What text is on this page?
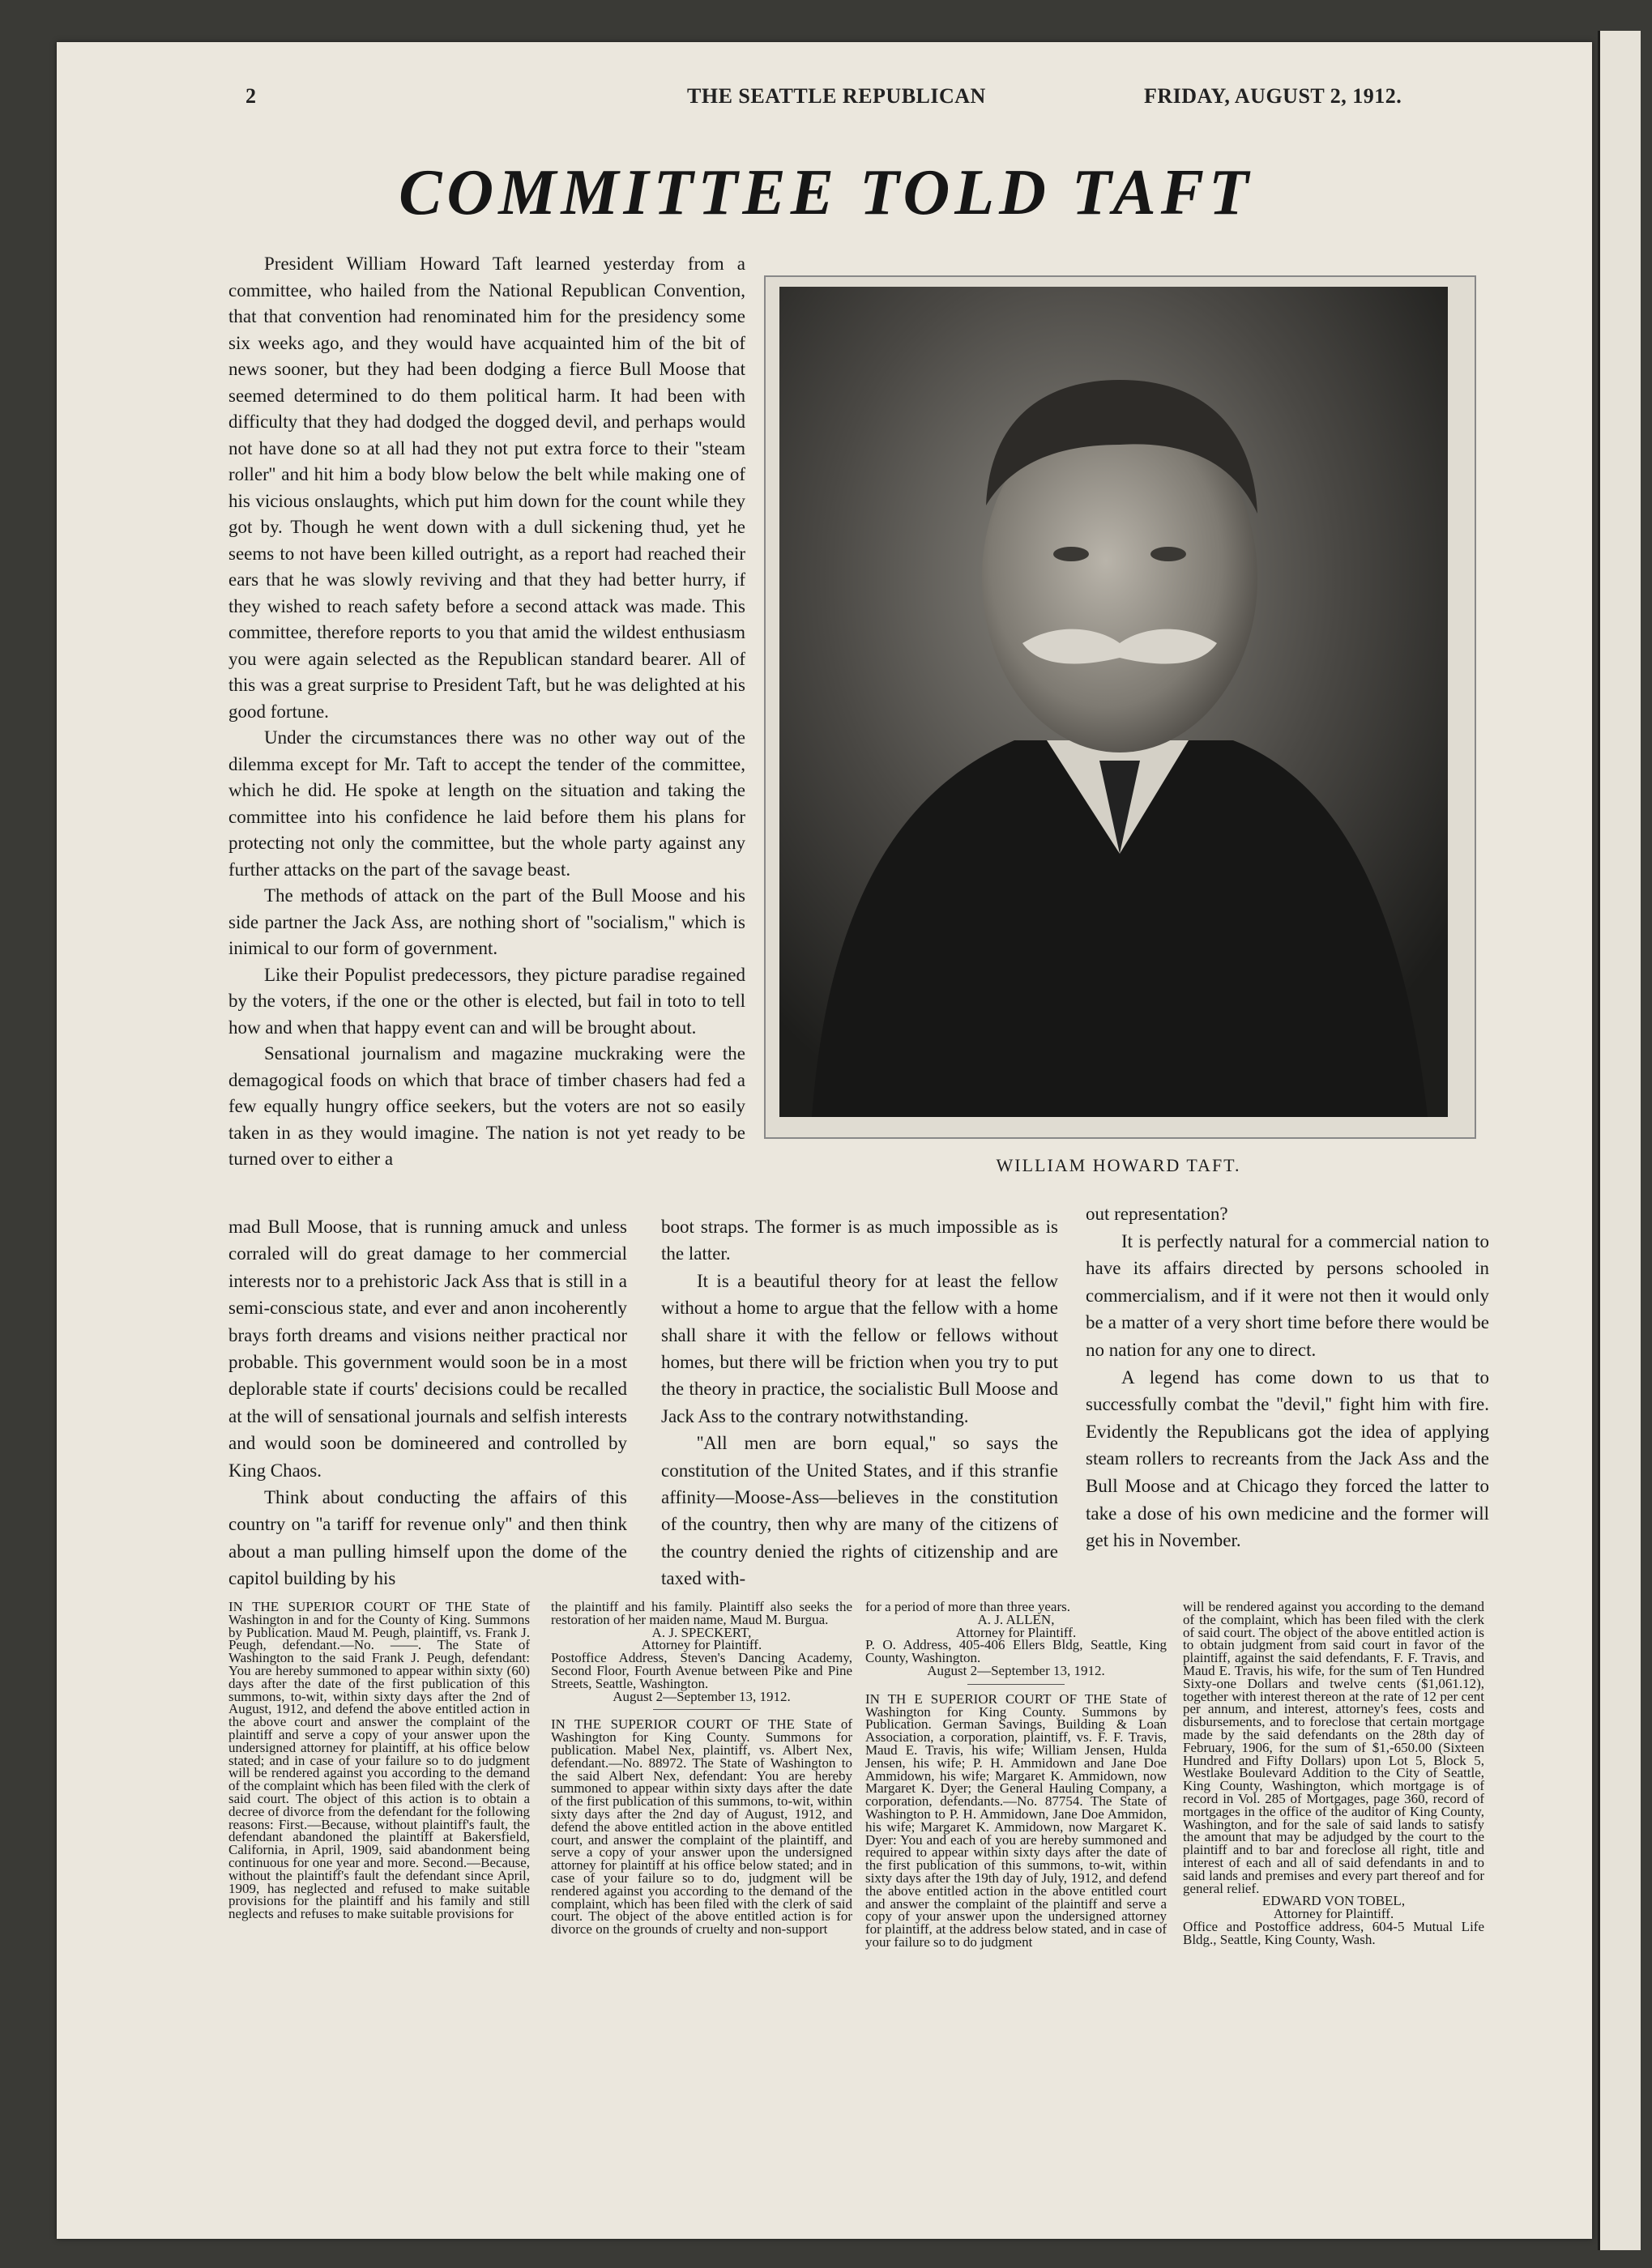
2	THE SEATTLE REPUBLICAN	FRIDAY, AUGUST 2, 1912.
COMMITTEE TOLD TAFT

President William Howard Taft learned yesterday from a committee, who hailed from the National Republican Convention, that that convention had renominated him for the presidency some six weeks ago, and they would have acquainted him of the bit of news sooner, but they had been dodging a fierce Bull Moose that seemed determined to do them political harm. It had been with difficulty that they had dodged the dogged devil, and perhaps would not have done so at all had they not put extra force to their ''steam roller'' and hit him a body blow below the belt while making one of his vicious onslaughts, which put him down for the count while they got by. Though he went down with a dull sickening thud, yet he seems to not have been killed outright, as a report had reached their ears that he was slowly reviving and that they had better hurry, if they wished to reach safety before a second attack was made. This committee, therefore reports to you that amid the wildest enthusiasm you were again selected as the Republican standard bearer. All of this was a great surprise to President Taft, but he was delighted at his good fortune.

Under the circumstances there was no other way out of the dilemma except for Mr. Taft to accept the tender of the committee, which he did. He spoke at length on the situation and taking the committee into his confidence he laid before them his plans for protecting not only the committee, but the whole party against any further attacks on the part of the savage beast.

The methods of attack on the part of the Bull Moose and his side partner the Jack Ass, are nothing short of ''socialism,'' which is inimical to our form of government.

Like their Populist predecessors, they picture paradise regained by the voters, if the one or the other is elected, but fail in toto to tell how and when that happy event can and will be brought about.

Sensational journalism and magazine muckraking were the demagogical foods on which that brace of timber chasers had fed a few equally hungry office seekers, but the voters are not so easily taken in as they would imagine. The nation is not yet ready to be turned over to either a	WILLIAM HOWARD TAFT.

mad Bull Moose, that is running amuck and unless corraled will do great damage to her commercial interests nor to a prehistoric Jack Ass that is still in a semi-conscious state, and ever and anon incoherently brays forth dreams and visions neither practical nor probable. This government would soon be in a most deplorable state if courts' decisions could be recalled at the will of sensational journals and selfish interests and would soon be domineered and controlled by King Chaos.

Think about conducting the affairs of this country on ''a tariff for revenue only'' and then think about a man pulling himself upon the dome of the capitol building by his

boot straps. The former is as much impossible as is the latter.

It is a beautiful theory for at least the fellow without a home to argue that the fellow with a home shall share it with the fellow or fellows without homes, but there will be friction when you try to put the theory in practice, the socialistic Bull Moose and Jack Ass to the contrary notwithstanding.

''All men are born equal,'' so says the constitution of the United States, and if this stranfie affinity—Moose-Ass—believes in the constitution of the country, then why are many of the citizens of the country denied the rights of citizenship and are taxed with-

out representation?

It is perfectly natural for a commercial nation to have its affairs directed by persons schooled in commercialism, and if it were not then it would only be a matter of a very short time before there would be no nation for any one to direct.

A legend has come down to us that to successfully combat the ''devil,'' fight him with fire. Evidently the Republicans got the idea of applying steam rollers to recreants from the Jack Ass and the Bull Moose and at Chicago they forced the latter to take a dose of his own medicine and the former will get his in November.

IN THE SUPERIOR COURT OF THE State of Washington in and for the County of King. Summons by Publication. Maud M. Peugh, plaintiff, vs. Frank J. Peugh, defendant.—No. ——. The State of Washington to the said Frank J. Peugh, defendant: You are hereby summoned to appear within sixty (60) days after the date of the first publication of this summons, to-wit, within sixty days after the 2nd of August, 1912, and defend the above entitled action in the above court and answer the complaint of the plaintiff and serve a copy of your answer upon the undersigned attorney for plaintiff, at his office below stated; and in case of your failure so to do judgment will be rendered against you according to the demand of the complaint which has been filed with the clerk of said court. The object of this action is to obtain a decree of divorce from the defendant for the following reasons: First.—Because, without plaintiff's fault, the defendant abandoned the plaintiff at Bakersfield, California, in April, 1909, said abandonment being continuous for one year and more. Second.—Because, without the plaintiff's fault the defendant since April, 1909, has neglected and refused to make suitable provisions for the plaintiff and his family and still neglects and refuses to make suitable provisions for

the plaintiff and his family. Plaintiff also seeks the restoration of her maiden name, Maud M. Burgua.

A. J. SPECKERT,

Attorney for Plaintiff.

Postoffice Address, Steven's Dancing Academy, Second Floor, Fourth Avenue between Pike and Pine Streets, Seattle, Washington.

August 2—September 13, 1912.

IN THE SUPERIOR COURT OF THE State of Washington for King County. Summons for publication. Mabel Nex, plaintiff, vs. Albert Nex, defendant.—No. 88972. The State of Washington to the said Albert Nex, defendant: You are hereby summoned to appear within sixty days after the date of the first publication of this summons, to-wit, within sixty days after the 2nd day of August, 1912, and defend the above entitled action in the above entitled court, and answer the complaint of the plaintiff, and serve a copy of your answer upon the undersigned attorney for plaintiff at his office below stated; and in case of your failure so to do, judgment will be rendered against you according to the demand of the complaint, which has been filed with the clerk of said court. The object of the above entitled action is for divorce on the grounds of cruelty and non-support

for a period of more than three years.

A. J. ALLEN,

Attorney for Plaintiff.

P. O. Address, 405-406 Ellers Bldg, Seattle, King County, Washington.

August 2—September 13, 1912.

IN TH E SUPERIOR COURT OF THE State of Washington for King County. Summons by Publication. German Savings, Building & Loan Association, a corporation, plaintiff, vs. F. F. Travis, Maud E. Travis, his wife; William Jensen, Hulda Jensen, his wife; P. H. Ammidown and Jane Doe Ammidown, his wife; Margaret K. Ammidown, now Margaret K. Dyer; the General Hauling Company, a corporation, defendants.—No. 87754. The State of Washington to P. H. Ammidown, Jane Doe Ammidon, his wife; Margaret K. Ammidown, now Margaret K. Dyer: You and each of you are hereby summoned and required to appear within sixty days after the date of the first publication of this summons, to-wit, within sixty days after the 19th day of July, 1912, and defend the above entitled action in the above entitled court and answer the complaint of the plaintiff and serve a copy of your answer upon the undersigned attorney for plaintiff, at the address below stated, and in case of your failure so to do judgment

will be rendered against you according to the demand of the complaint, which has been filed with the clerk of said court. The object of the above entitled action is to obtain judgment from said court in favor of the plaintiff, against the said defendants, F. F. Travis, and Maud E. Travis, his wife, for the sum of Ten Hundred Sixty-one Dollars and twelve cents ($1,061.12), together with interest thereon at the rate of 12 per cent per annum, and interest, attorney's fees, costs and disbursements, and to foreclose that certain mortgage made by the said defendants on the 28th day of February, 1906, for the sum of $1,-650.00 (Sixteen Hundred and Fifty Dollars) upon Lot 5, Block 5, Westlake Boulevard Addition to the City of Seattle, King County, Washington, which mortgage is of record in Vol. 285 of Mortgages, page 360, record of mortgages in the office of the auditor of King County, Washington, and for the sale of said lands to satisfy the amount that may be adjudged by the court to the plaintiff and to bar and foreclose all right, title and interest of each and all of said defendants in and to said lands and premises and every part thereof and for general relief.

EDWARD VON TOBEL,

Attorney for Plaintiff.

Office and Postoffice address, 604-5 Mutual Life Bldg., Seattle, King County, Wash.
